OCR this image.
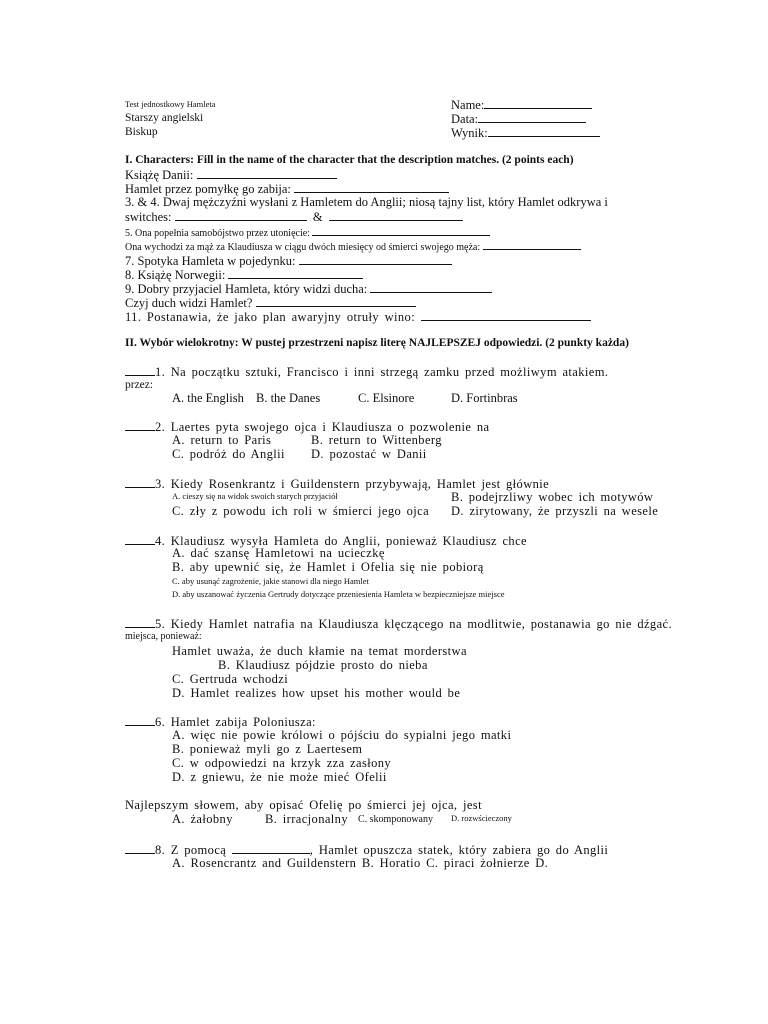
Test jednostkowy Hamleta
Starszy angielski
Biskup
Name:
Data:
Wynik:
I. Characters: Fill in the name of the character that the description matches. (2 points each)
Książę Danii:
Hamlet przez pomyłkę go zabija:
3. & 4. Dwaj mężczyźni wysłani z Hamletem do Anglii; niosą tajny list, który Hamlet odkrywa i
switches:	&
5. Ona popełnia samobójstwo przez utonięcie:
Ona wychodzi za mąż za Klaudiusza w ciągu dwóch miesięcy od śmierci swojego męża:
7. Spotyka Hamleta w pojedynku:
8. Książę Norwegii:
9. Dobry przyjaciel Hamleta, który widzi ducha:
Czyj duch widzi Hamlet?
11. Postanawia, że jako plan awaryjny otruły wino:
II. Wybór wielokrotny: W pustej przestrzeni napisz literę NAJLEPSZEJ odpowiedzi. (2 punkty każda)
1. Na początku sztuki, Francisco i inni strzegą zamku przed możliwym atakiem.
przez:
A. the English B. the Danes	C. Elsinore	D. Fortinbras
2. Laertes pyta swojego ojca i Klaudiusza o pozwolenie na
A. return to Paris	B. return to Wittenberg
C. podróż do Anglii D. pozostać w Danii
3. Kiedy Rosenkrantz i Guildenstern przybywają, Hamlet jest głównie
A. cieszy się na widok swoich starych przyjaciół	B. podejrzliwy wobec ich motywów
C. zły z powodu ich roli w śmierci jego ojca D. zirytowany, że przyszli na wesele
4. Klaudiusz wysyła Hamleta do Anglii, ponieważ Klaudiusz chce
A. dać szansę Hamletowi na ucieczkę
B. aby upewnić się, że Hamlet i Ofelia się nie pobiorą
C. aby usunąć zagrożenie, jakie stanowi dla niego Hamlet
D. aby uszanować życzenia Gertrudy dotyczące przeniesienia Hamleta w bezpieczniejsze miejsce
5. Kiedy Hamlet natrafia na Klaudiusza klęczącego na modlitwie, postanawia go nie dźgać.
miejsca, ponieważ:
Hamlet uważa, że duch kłamie na temat morderstwa
B. Klaudiusz pójdzie prosto do nieba
C. Gertruda wchodzi
D. Hamlet realizes how upset his mother would be
6. Hamlet zabija Poloniusza:
A. więc nie powie królowi o pójściu do sypialni jego matki
B. ponieważ myli go z Laertesem
C. w odpowiedzi na krzyk zza zasłony
D. z gniewu, że nie może mieć Ofelii
Najlepszym słowem, aby opisać Ofelię po śmierci jej ojca, jest
A. żałobny	B. irracjonalny C. skomponowany D. rozwścieczony
8. Z pomocą	, Hamlet opuszcza statek, który zabiera go do Anglii
A. Rosencrantz and Guildenstern B. Horatio C. piraci żołnierze D.
